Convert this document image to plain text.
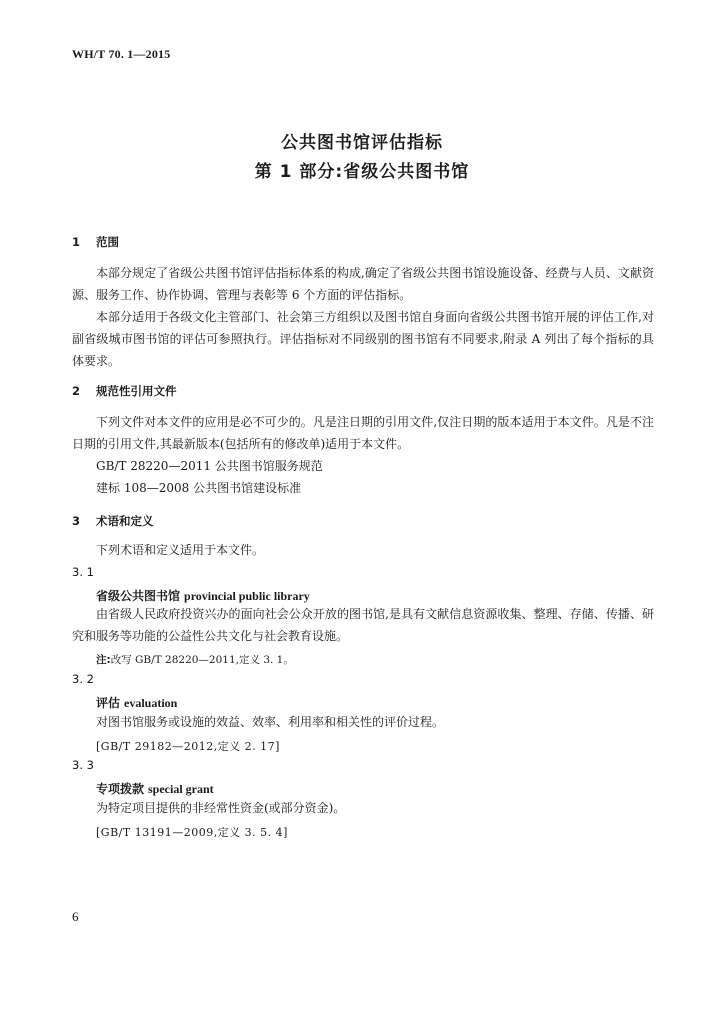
WH/T 70. 1—2015
公共图书馆评估指标
第 1 部分:省级公共图书馆
1 范围

本部分规定了省级公共图书馆评估指标体系的构成,确定了省级公共图书馆设施设备、经费与人员、文献资源、服务工作、协作协调、管理与表彰等 6 个方面的评估指标。

本部分适用于各级文化主管部门、社会第三方组织以及图书馆自身面向省级公共图书馆开展的评估工作,对副省级城市图书馆的评估可参照执行。评估指标对不同级别的图书馆有不同要求,附录 A 列出了每个指标的具体要求。

2 规范性引用文件

下列文件对本文件的应用是必不可少的。凡是注日期的引用文件,仅注日期的版本适用于本文件。凡是不注日期的引用文件,其最新版本(包括所有的修改单)适用于本文件。

GB/T 28220—2011 公共图书馆服务规范
建标 108—2008 公共图书馆建设标准
3 术语和定义
下列术语和定义适用于本文件。
3. 1
省级公共图书馆 provincial public library

由省级人民政府投资兴办的面向社会公众开放的图书馆,是具有文献信息资源收集、整理、存储、传播、研究和服务等功能的公益性公共文化与社会教育设施。

注:改写 GB/T 28220—2011,定义 3. 1。
3. 2
评估 evaluation
对图书馆服务或设施的效益、效率、利用率和相关性的评价过程。
[GB/T 29182—2012,定义 2. 17]
3. 3
专项拨款 special grant
为特定项目提供的非经常性资金(或部分资金)。
[GB/T 13191—2009,定义 3. 5. 4]
6
